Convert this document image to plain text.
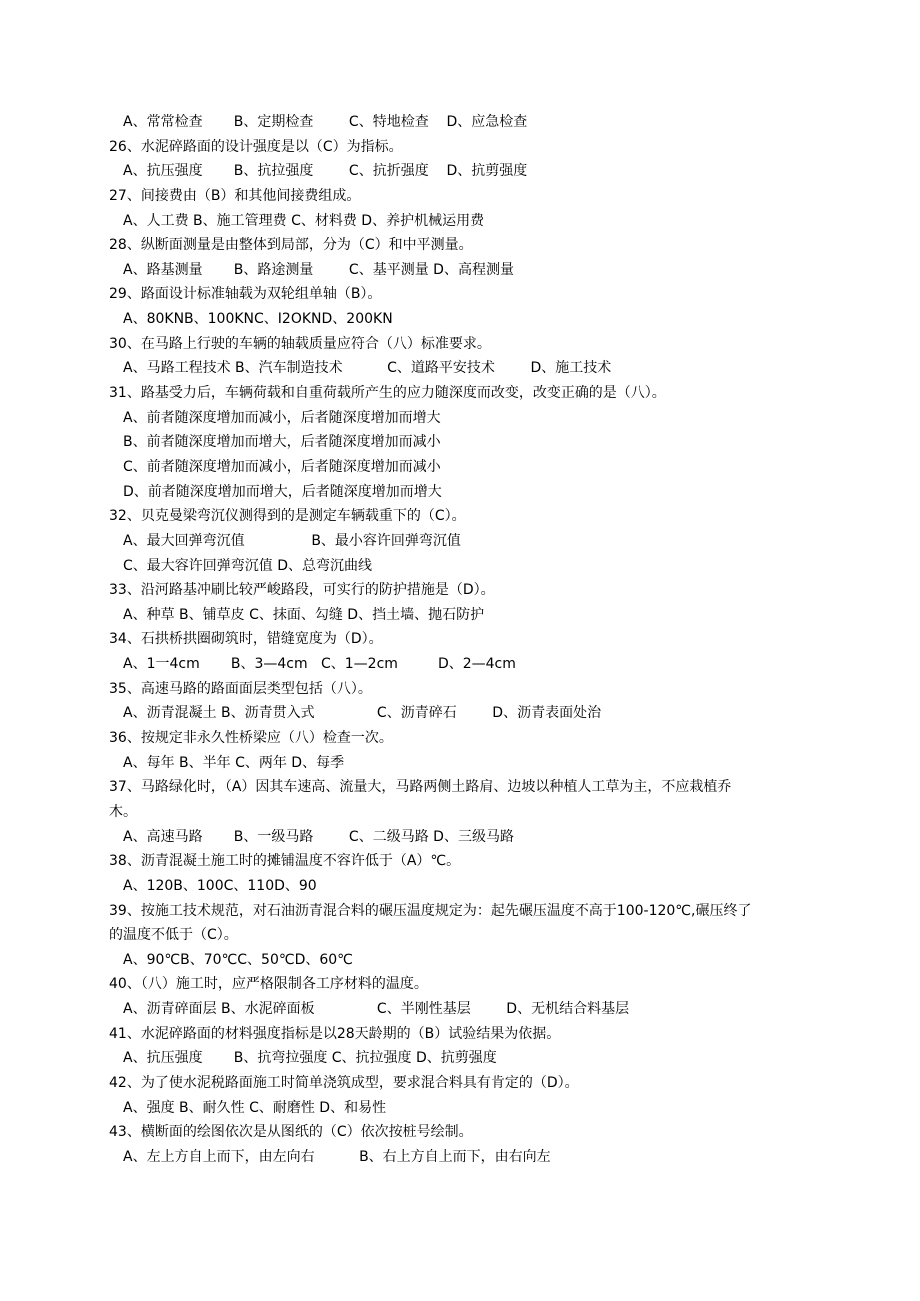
A、常常检查       B、定期检查        C、特地检查    D、应急检查
26、水泥碎路面的设计强度是以（C）为指标。
A、抗压强度       B、抗拉强度        C、抗折强度    D、抗剪强度
27、间接费由（B）和其他间接费组成。
A、人工费 B、施工管理费 C、材料费 D、养护机械运用费
28、纵断面测量是由整体到局部，分为（C）和中平测量。
A、路基测量       B、路途测量        C、基平测量 D、高程测量
29、路面设计标准轴载为双轮组单轴（B）。
A、80KNB、100KNC、I2OKND、200KN
30、在马路上行驶的车辆的轴载质量应符合（八）标准要求。
A、马路工程技术 B、汽车制造技术          C、道路平安技术        D、施工技术
31、路基受力后，车辆荷载和自重荷载所产生的应力随深度而改变，改变正确的是（八）。
A、前者随深度增加而减小，后者随深度增加而增大
B、前者随深度增加而增大，后者随深度增加而减小
C、前者随深度增加而减小，后者随深度增加而减小
D、前者随深度增加而增大，后者随深度增加而增大
32、贝克曼梁弯沉仪测得到的是测定车辆载重下的（C）。
A、最大回弹弯沉值               B、最小容许回弹弯沉值
C、最大容许回弹弯沉值 D、总弯沉曲线
33、沿河路基冲刷比较严峻路段，可实行的防护措施是（D）。
A、种草 B、铺草皮 C、抹面、勾缝 D、挡土墙、抛石防护
34、石拱桥拱圈砌筑时，错缝宽度为（D）。
A、1一4cm       B、3—4cm   C、1—2cm         D、2—4cm
35、高速马路的路面面层类型包括（八）。
A、沥青混凝土 B、沥青贯入式              C、沥青碎石        D、沥青表面处治
36、按规定非永久性桥梁应（八）检查一次。
A、每年 B、半年 C、两年 D、每季
37、马路绿化时，（A）因其车速高、流量大，马路两侧土路肩、边坡以种植人工草为主，不应栽植乔
木。
A、高速马路       B、一级马路        C、二级马路 D、三级马路
38、沥青混凝土施工时的摊铺温度不容许低于（A）℃。
A、120B、100C、110D、90
39、按施工技术规范，对石油沥青混合料的碾压温度规定为：起先碾压温度不高于100-120℃,碾压终了
的温度不低于（C）。
A、90℃B、70℃C、50℃D、60℃
40、（八）施工时，应严格限制各工序材料的温度。
A、沥青碎面层 B、水泥碎面板              C、半刚性基层        D、无机结合料基层
41、水泥碎路面的材料强度指标是以28天龄期的（B）试验结果为依据。
A、抗压强度       B、抗弯拉强度 C、抗拉强度 D、抗剪强度
42、为了使水泥税路面施工时简单浇筑成型，要求混合料具有肯定的（D）。
A、强度 B、耐久性 C、耐磨性 D、和易性
43、横断面的绘图依次是从图纸的（C）依次按桩号绘制。
A、左上方自上而下，由左向右          B、右上方自上而下，由右向左
